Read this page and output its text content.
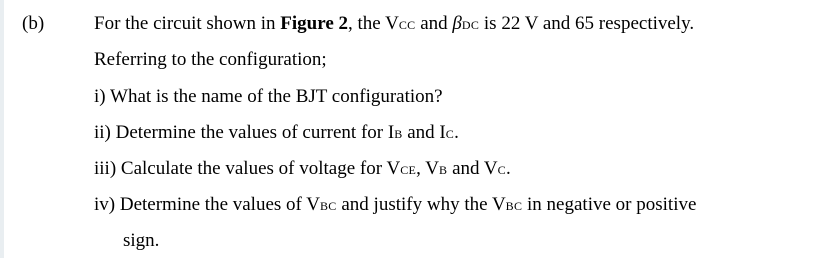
(b)	For the circuit shown in Figure 2, the VCC and βDC is 22 V and 65 respectively.
Referring to the configuration;
i) What is the name of the BJT configuration?
ii) Determine the values of current for IB and IC.
iii) Calculate the values of voltage for VCE, VB and VC.
iv) Determine the values of VBC and justify why the VBC in negative or positive
sign.
